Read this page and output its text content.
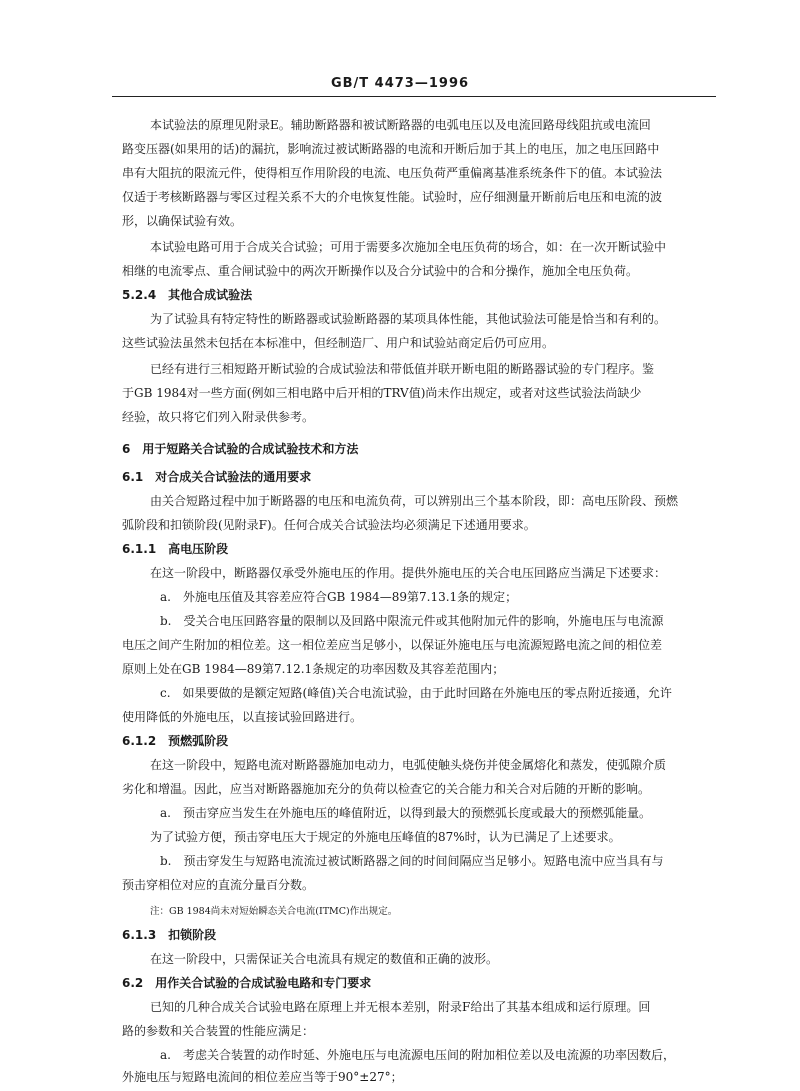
GB/T 4473—1996
本试验法的原理见附录E。辅助断路器和被试断路器的电弧电压以及电流回路母线阻抗或电流回
路变压器(如果用的话)的漏抗，影响流过被试断路器的电流和开断后加于其上的电压，加之电压回路中
串有大阻抗的限流元件，使得相互作用阶段的电流、电压负荷严重偏离基准系统条件下的值。本试验法
仅适于考核断路器与零区过程关系不大的介电恢复性能。试验时，应仔细测量开断前后电压和电流的波
形，以确保试验有效。
本试验电路可用于合成关合试验；可用于需要多次施加全电压负荷的场合，如：在一次开断试验中
相继的电流零点、重合闸试验中的两次开断操作以及合分试验中的合和分操作，施加全电压负荷。
5.2.4　其他合成试验法
为了试验具有特定特性的断路器或试验断路器的某项具体性能，其他试验法可能是恰当和有利的。
这些试验法虽然未包括在本标准中，但经制造厂、用户和试验站商定后仍可应用。
已经有进行三相短路开断试验的合成试验法和带低值并联开断电阻的断路器试验的专门程序。鉴
于GB 1984对一些方面(例如三相电路中后开相的TRV值)尚未作出规定，或者对这些试验法尚缺少
经验，故只将它们列入附录供参考。
6　用于短路关合试验的合成试验技术和方法
6.1　对合成关合试验法的通用要求
由关合短路过程中加于断路器的电压和电流负荷，可以辨别出三个基本阶段，即：高电压阶段、预燃
弧阶段和扣锁阶段(见附录F)。任何合成关合试验法均必须满足下述通用要求。
6.1.1　高电压阶段
在这一阶段中，断路器仅承受外施电压的作用。提供外施电压的关合电压回路应当满足下述要求：
a.　外施电压值及其容差应符合GB 1984—89第7.13.1条的规定；
b.　受关合电压回路容量的限制以及回路中限流元件或其他附加元件的影响，外施电压与电流源
电压之间产生附加的相位差。这一相位差应当足够小，以保证外施电压与电流源短路电流之间的相位差
原则上处在GB 1984—89第7.12.1条规定的功率因数及其容差范围内；
c.　如果要做的是额定短路(峰值)关合电流试验，由于此时回路在外施电压的零点附近接通，允许
使用降低的外施电压，以直接试验回路进行。
6.1.2　预燃弧阶段
在这一阶段中，短路电流对断路器施加电动力，电弧使触头烧伤并使金属熔化和蒸发，使弧隙介质
劣化和增温。因此，应当对断路器施加充分的负荷以检查它的关合能力和关合对后随的开断的影响。
a.　预击穿应当发生在外施电压的峰值附近，以得到最大的预燃弧长度或最大的预燃弧能量。
为了试验方便，预击穿电压大于规定的外施电压峰值的87%时，认为已满足了上述要求。
b.　预击穿发生与短路电流流过被试断路器之间的时间间隔应当足够小。短路电流中应当具有与
预击穿相位对应的直流分量百分数。
注：GB 1984尚未对短始瞬态关合电流(ITMC)作出规定。
6.1.3　扣锁阶段
在这一阶段中，只需保证关合电流具有规定的数值和正确的波形。
6.2　用作关合试验的合成试验电路和专门要求
已知的几种合成关合试验电路在原理上并无根本差别，附录F给出了其基本组成和运行原理。回
路的参数和关合装置的性能应满足：
a.　考虑关合装置的动作时延、外施电压与电流源电压间的附加相位差以及电流源的功率因数后，
外施电压与短路电流间的相位差应当等于90°±27°；
